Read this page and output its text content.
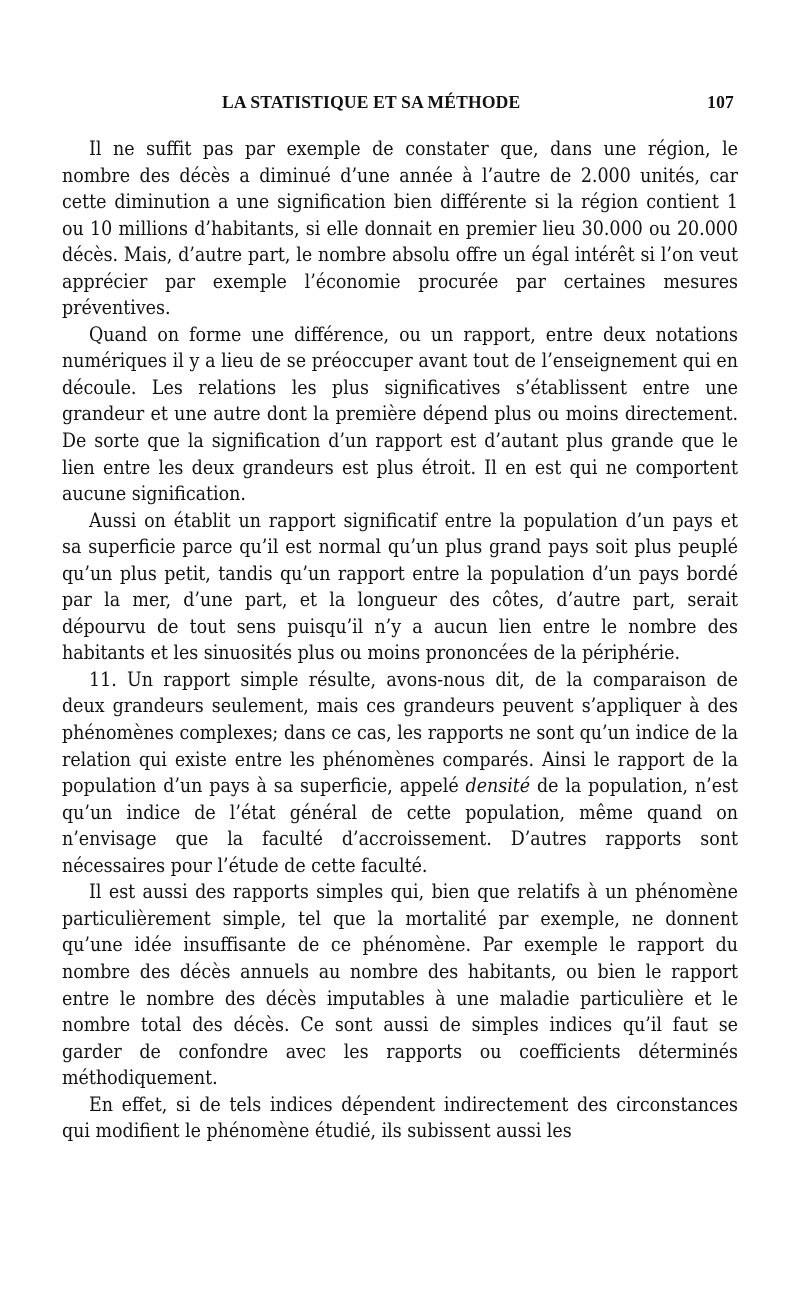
LA STATISTIQUE ET SA MÉTHODE	107

Il ne suffit pas par exemple de constater que, dans une région, le nombre des décès a diminué d’une année à l’autre de 2.000 unités, car cette diminution a une signification bien différente si la région contient 1 ou 10 millions d’habitants, si elle donnait en premier lieu 30.000 ou 20.000 décès. Mais, d’autre part, le nombre absolu offre un égal intérêt si l’on veut apprécier par exemple l’économie procurée par certaines mesures préventives.

Quand on forme une différence, ou un rapport, entre deux notations numériques il y a lieu de se préoccuper avant tout de l’enseignement qui en découle. Les relations les plus significatives s’établissent entre une grandeur et une autre dont la première dépend plus ou moins directement. De sorte que la signification d’un rapport est d’autant plus grande que le lien entre les deux grandeurs est plus étroit. Il en est qui ne comportent aucune signification.

Aussi on établit un rapport significatif entre la population d’un pays et sa superficie parce qu’il est normal qu’un plus grand pays soit plus peuplé qu’un plus petit, tandis qu’un rapport entre la population d’un pays bordé par la mer, d’une part, et la longueur des côtes, d’autre part, serait dépourvu de tout sens puisqu’il n’y a aucun lien entre le nombre des habitants et les sinuosités plus ou moins prononcées de la périphérie.

11. Un rapport simple résulte, avons-nous dit, de la comparaison de deux grandeurs seulement, mais ces grandeurs peuvent s’appliquer à des phénomènes complexes; dans ce cas, les rapports ne sont qu’un indice de la relation qui existe entre les phénomènes comparés. Ainsi le rapport de la population d’un pays à sa superficie, appelé densité de la population, n’est qu’un indice de l’état général de cette population, même quand on n’envisage que la faculté d’accroissement. D’autres rapports sont nécessaires pour l’étude de cette faculté.

Il est aussi des rapports simples qui, bien que relatifs à un phénomène particulièrement simple, tel que la mortalité par exemple, ne donnent qu’une idée insuffisante de ce phénomène. Par exemple le rapport du nombre des décès annuels au nombre des habitants, ou bien le rapport entre le nombre des décès imputables à une maladie particulière et le nombre total des décès. Ce sont aussi de simples indices qu’il faut se garder de confondre avec les rapports ou coefficients déterminés méthodiquement.

En effet, si de tels indices dépendent indirectement des circonstances qui modifient le phénomène étudié, ils subissent aussi les
